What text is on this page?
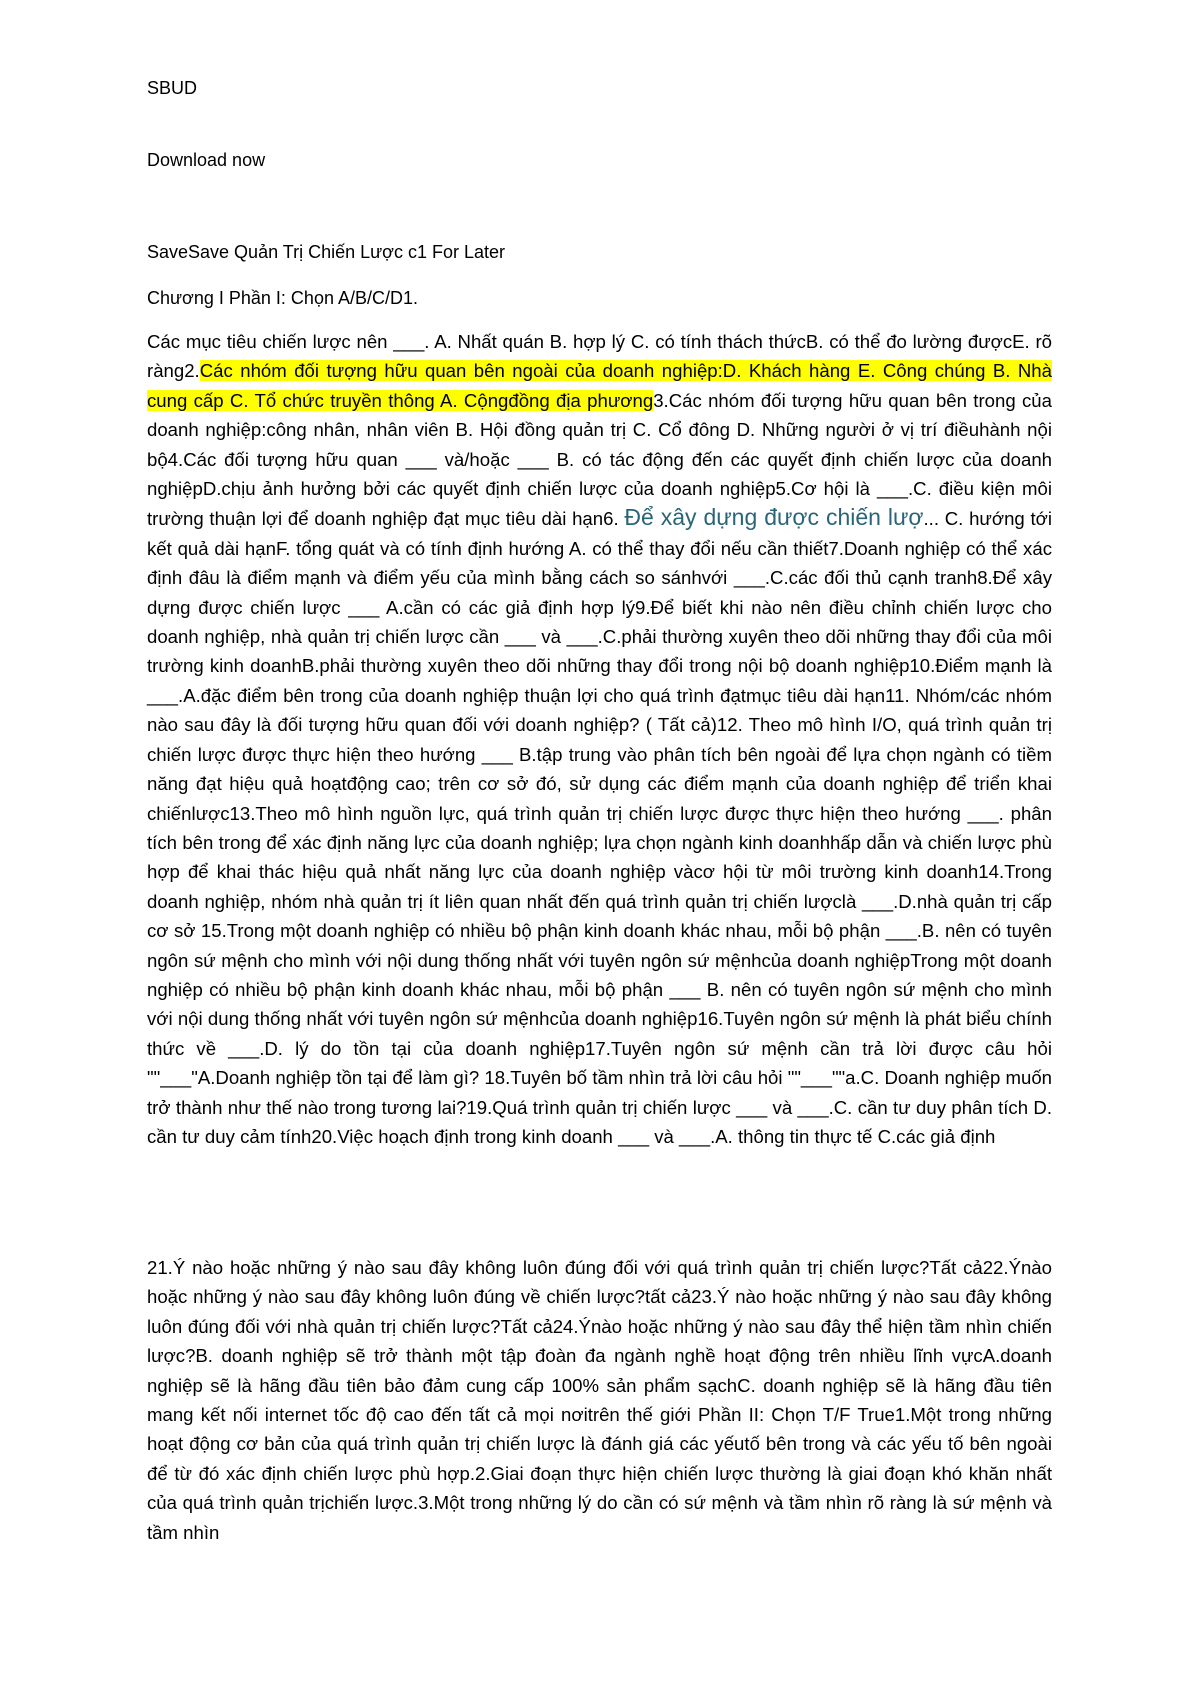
SBUD
Download now
SaveSave Quản Trị Chiến Lược c1 For Later
Chương I Phần I: Chọn A/B/C/D1.
Các mục tiêu chiến lược nên ___. A. Nhất quán B. hợp lý C. có tính thách thứcB. có thể đo lường đượcE. rõ ràng2.Các nhóm đối tượng hữu quan bên ngoài của doanh nghiệp:D. Khách hàng E. Công chúng B. Nhà cung cấp C. Tổ chức truyền thông A. Cộngđồng địa phương3.Các nhóm đối tượng hữu quan bên trong của doanh nghiệp:công nhân, nhân viên B. Hội đồng quản trị C. Cổ đông D. Những người ở vị trí điềuhành nội bộ4.Các đối tượng hữu quan ___ và/hoặc ___ B. có tác động đến các quyết định chiến lược của doanh nghiệpD.chịu ảnh hưởng bởi các quyết định chiến lược của doanh nghiệp5.Cơ hội là ___.C. điều kiện môi trường thuận lợi để doanh nghiệp đạt mục tiêu dài hạn6. Để xây dựng được chiến lượ... C. hướng tới kết quả dài hạnF. tổng quát và có tính định hướng A. có thể thay đổi nếu cần thiết7.Doanh nghiệp có thể xác định đâu là điểm mạnh và điểm yếu của mình bằng cách so sánhvới ___.C.các đối thủ cạnh tranh8.Để xây dựng được chiến lược ___ A.cần có các giả định hợp lý9.Để biết khi nào nên điều chỉnh chiến lược cho doanh nghiệp, nhà quản trị chiến lược cần ___ và ___.C.phải thường xuyên theo dõi những thay đổi của môi trường kinh doanhB.phải thường xuyên theo dõi những thay đổi trong nội bộ doanh nghiệp10.Điểm mạnh là ___.A.đặc điểm bên trong của doanh nghiệp thuận lợi cho quá trình đạtmục tiêu dài hạn11. Nhóm/các nhóm nào sau đây là đối tượng hữu quan đối với doanh nghiệp? ( Tất cả)12. Theo mô hình I/O, quá trình quản trị chiến lược được thực hiện theo hướng ___ B.tập trung vào phân tích bên ngoài để lựa chọn ngành có tiềm năng đạt hiệu quả hoạtđộng cao; trên cơ sở đó, sử dụng các điểm mạnh của doanh nghiệp để triển khai chiếnlược13.Theo mô hình nguồn lực, quá trình quản trị chiến lược được thực hiện theo hướng ___. phân tích bên trong để xác định năng lực của doanh nghiệp; lựa chọn ngành kinh doanhhấp dẫn và chiến lược phù hợp để khai thác hiệu quả nhất năng lực của doanh nghiệp vàcơ hội từ môi trường kinh doanh14.Trong doanh nghiệp, nhóm nhà quản trị ít liên quan nhất đến quá trình quản trị chiến lượclà ___.D.nhà quản trị cấp cơ sở 15.Trong một doanh nghiệp có nhiều bộ phận kinh doanh khác nhau, mỗi bộ phận ___.B. nên có tuyên ngôn sứ mệnh cho mình với nội dung thống nhất với tuyên ngôn sứ mệnhcủa doanh nghiệpTrong một doanh nghiệp có nhiều bộ phận kinh doanh khác nhau, mỗi bộ phận ___ B. nên có tuyên ngôn sứ mệnh cho mình với nội dung thống nhất với tuyên ngôn sứ mệnhcủa doanh nghiệp16.Tuyên ngôn sứ mệnh là phát biểu chính thức về ___.D. lý do tồn tại của doanh nghiệp17.Tuyên ngôn sứ mệnh cần trả lời được câu hỏi ""___"A.Doanh nghiệp tồn tại để làm gì? 18.Tuyên bố tầm nhìn trả lời câu hỏi ""___""a.C. Doanh nghiệp muốn trở thành như thế nào trong tương lai?19.Quá trình quản trị chiến lược ___ và ___.C. cần tư duy phân tích D. cần tư duy cảm tính20.Việc hoạch định trong kinh doanh ___ và ___.A. thông tin thực tế C.các giả định
21.Ý nào hoặc những ý nào sau đây không luôn đúng đối với quá trình quản trị chiến lược?Tất cả22.Ýnào hoặc những ý nào sau đây không luôn đúng về chiến lược?tất cả23.Ý nào hoặc những ý nào sau đây không luôn đúng đối với nhà quản trị chiến lược?Tất cả24.Ýnào hoặc những ý nào sau đây thể hiện tầm nhìn chiến lược?B. doanh nghiệp sẽ trở thành một tập đoàn đa ngành nghề hoạt động trên nhiều lĩnh vựcA.doanh nghiệp sẽ là hãng đầu tiên bảo đảm cung cấp 100% sản phẩm sạchC. doanh nghiệp sẽ là hãng đầu tiên mang kết nối internet tốc độ cao đến tất cả mọi nơitrên thế giới Phần II: Chọn T/F True1.Một trong những hoạt động cơ bản của quá trình quản trị chiến lược là đánh giá các yếutố bên trong và các yếu tố bên ngoài để từ đó xác định chiến lược phù hợp.2.Giai đoạn thực hiện chiến lược thường là giai đoạn khó khăn nhất của quá trình quản trịchiến lược.3.Một trong những lý do cần có sứ mệnh và tầm nhìn rõ ràng là sứ mệnh và tầm nhìn
